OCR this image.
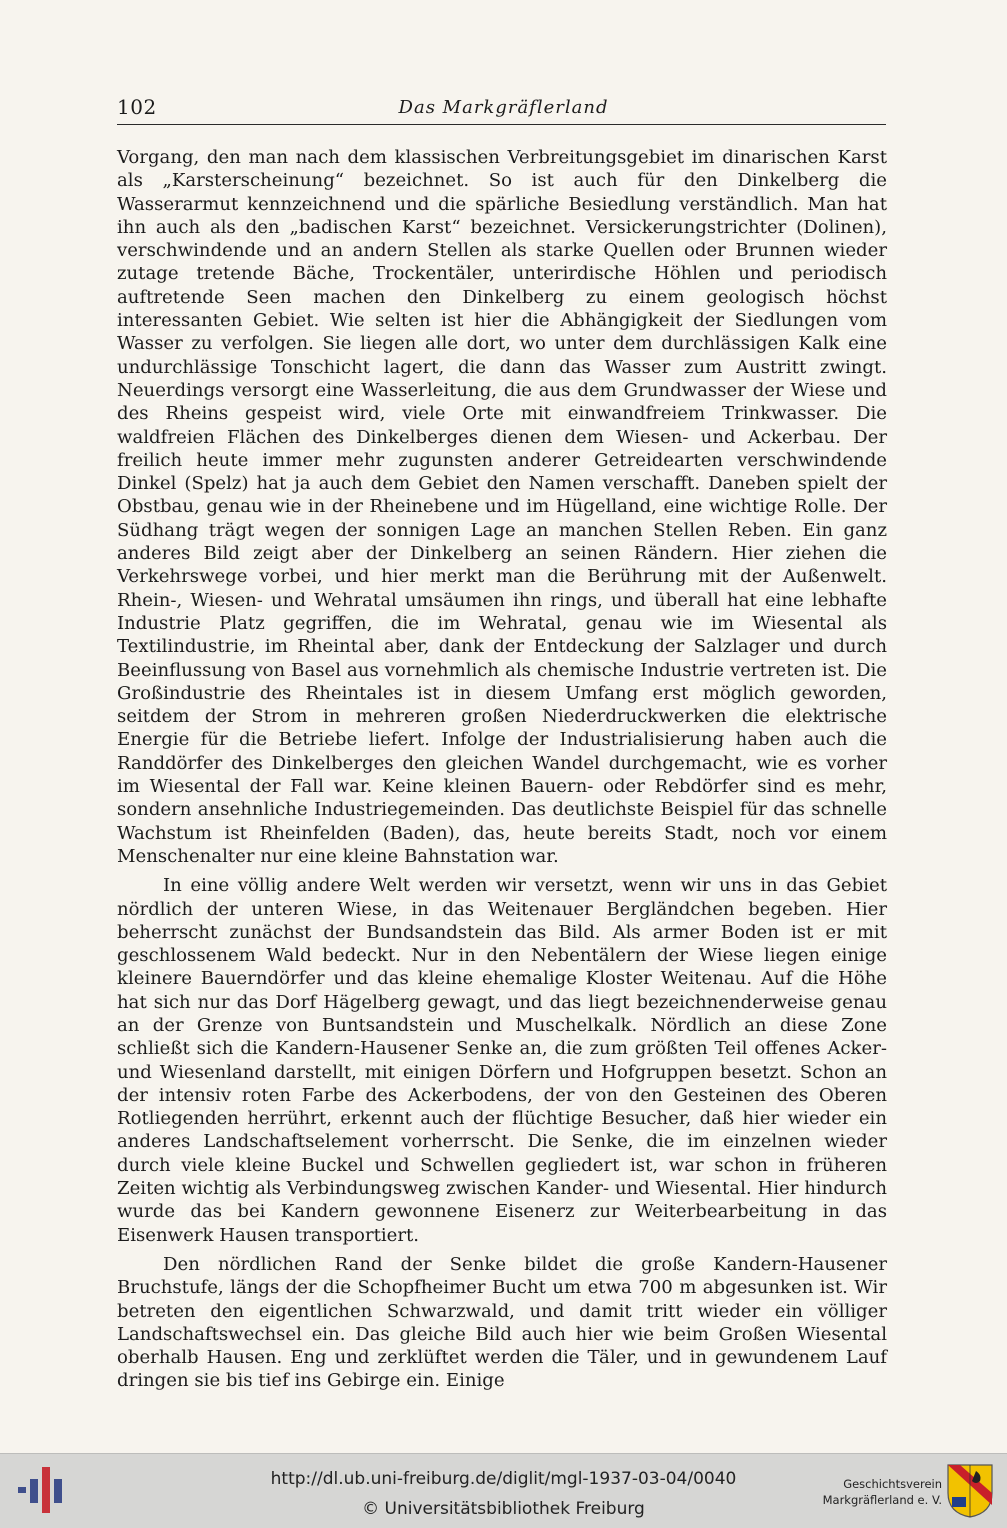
102	Das Markgräflerland

Vorgang, den man nach dem klassischen Verbreitungsgebiet im dinarischen Karst als „Karsterscheinung“ bezeichnet. So ist auch für den Dinkelberg die Wasserarmut kennzeichnend und die spärliche Besiedlung verständlich. Man hat ihn auch als den „badischen Karst“ bezeichnet. Versickerungstrichter (Dolinen), verschwindende und an andern Stellen als starke Quellen oder Brunnen wieder zutage tretende Bäche, Trockentäler, unterirdische Höhlen und periodisch auftretende Seen machen den Dinkelberg zu einem geologisch höchst interessanten Gebiet. Wie selten ist hier die Abhängigkeit der Siedlungen vom Wasser zu verfolgen. Sie liegen alle dort, wo unter dem durchlässigen Kalk eine undurchlässige Tonschicht lagert, die dann das Wasser zum Austritt zwingt. Neuerdings versorgt eine Wasserleitung, die aus dem Grundwasser der Wiese und des Rheins gespeist wird, viele Orte mit einwandfreiem Trinkwasser. Die waldfreien Flächen des Dinkelberges dienen dem Wiesen- und Ackerbau. Der freilich heute immer mehr zugunsten anderer Getreidearten verschwindende Dinkel (Spelz) hat ja auch dem Gebiet den Namen verschafft. Daneben spielt der Obstbau, genau wie in der Rheinebene und im Hügelland, eine wichtige Rolle. Der Südhang trägt wegen der sonnigen Lage an manchen Stellen Reben. Ein ganz anderes Bild zeigt aber der Dinkelberg an seinen Rändern. Hier ziehen die Verkehrswege vorbei, und hier merkt man die Berührung mit der Außenwelt. Rhein-, Wiesen- und Wehratal umsäumen ihn rings, und überall hat eine lebhafte Industrie Platz gegriffen, die im Wehratal, genau wie im Wiesental als Textilindustrie, im Rheintal aber, dank der Entdeckung der Salzlager und durch Beeinflussung von Basel aus vornehmlich als chemische Industrie vertreten ist. Die Großindustrie des Rheintales ist in diesem Umfang erst möglich geworden, seitdem der Strom in mehreren großen Niederdruckwerken die elektrische Energie für die Betriebe liefert. Infolge der Industrialisierung haben auch die Randdörfer des Dinkelberges den gleichen Wandel durchgemacht, wie es vorher im Wiesental der Fall war. Keine kleinen Bauern- oder Rebdörfer sind es mehr, sondern ansehnliche Industriegemeinden. Das deutlichste Beispiel für das schnelle Wachstum ist Rheinfelden (Baden), das, heute bereits Stadt, noch vor einem Menschenalter nur eine kleine Bahnstation war.

In eine völlig andere Welt werden wir versetzt, wenn wir uns in das Gebiet nördlich der unteren Wiese, in das Weitenauer Bergländchen begeben. Hier beherrscht zunächst der Bundsandstein das Bild. Als armer Boden ist er mit geschlossenem Wald bedeckt. Nur in den Nebentälern der Wiese liegen einige kleinere Bauerndörfer und das kleine ehemalige Kloster Weitenau. Auf die Höhe hat sich nur das Dorf Hägelberg gewagt, und das liegt bezeichnenderweise genau an der Grenze von Buntsandstein und Muschelkalk. Nördlich an diese Zone schließt sich die Kandern-Hausener Senke an, die zum größten Teil offenes Acker- und Wiesenland darstellt, mit einigen Dörfern und Hofgruppen besetzt. Schon an der intensiv roten Farbe des Ackerbodens, der von den Gesteinen des Oberen Rotliegenden herrührt, erkennt auch der flüchtige Besucher, daß hier wieder ein anderes Landschaftselement vorherrscht. Die Senke, die im einzelnen wieder durch viele kleine Buckel und Schwellen gegliedert ist, war schon in früheren Zeiten wichtig als Verbindungsweg zwischen Kander- und Wiesental. Hier hindurch wurde das bei Kandern gewonnene Eisenerz zur Weiterbearbeitung in das Eisenwerk Hausen transportiert.

Den nördlichen Rand der Senke bildet die große Kandern-Hausener Bruchstufe, längs der die Schopfheimer Bucht um etwa 700 m abgesunken ist. Wir betreten den eigentlichen Schwarzwald, und damit tritt wieder ein völliger Landschaftswechsel ein. Das gleiche Bild auch hier wie beim Großen Wiesental oberhalb Hausen. Eng und zerklüftet werden die Täler, und in gewundenem Lauf dringen sie bis tief ins Gebirge ein. Einige

http://dl.ub.uni-freiburg.de/diglit/mgl-1937-03-04/0040
© Universitätsbibliothek Freiburg
Geschichtsverein
Markgräflerland e. V.
